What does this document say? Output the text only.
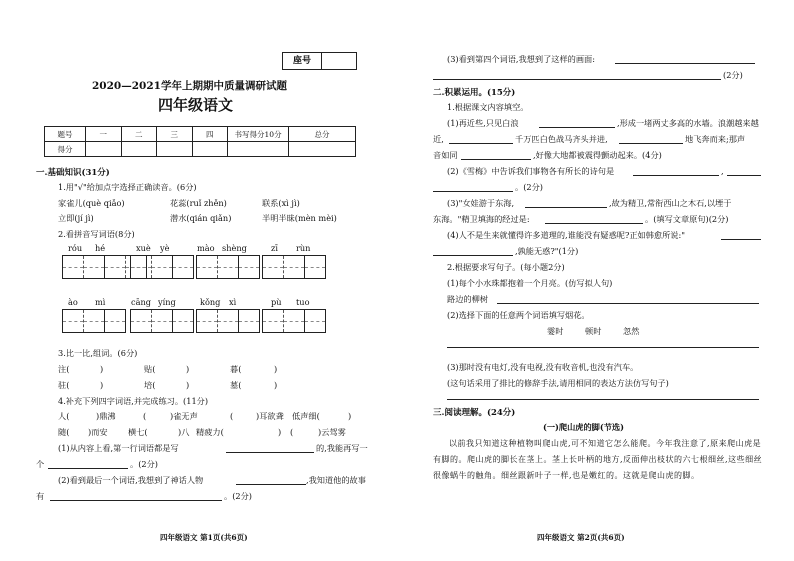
座号
2020—2021学年上期期中质量调研试题
四年级语文
题号	一	二	三	四	书写得分10分	总分
得分						
一.基础知识(31分)
1.用"√"给加点字选择正确读音。(6分)
家雀儿(què qiǎo)	花蕊(ruǐ zhěn)	联系(xì jì)
立即(jí jì)	潜水(qián qiǎn)	半明半昧(mèn mèi)
2.看拼音写词语(8分)
róu hé	xuè yè	mào shèng	zī rùn
ào mì	cāng yíng	kǒng xì	pù tuo
3.比一比,组词。(6分)
注(	)	贴(	)	暮(	)
驻(	)	培(	)	墓(	)
4.补充下列四字词语,并完成练习。(11分)
人(	)鼎沸	(	)雀无声	(	)耳欲聋 低声细(	)
随( )而安 横七(	)八 精疲力(	) (	)云驾雾
(1)从内容上看,第一行词语都是写	的,我能再写一
个	。(2分)
(2)看到最后一个词语,我想到了神话人物	,我知道他的故事
有	。(2分)
四年级语文 第1页(共6页)
(3)看到第四个词语,我想到了这样的画面:
(2分)
二.积累运用。(15分)
1.根据课文内容填空。
(1)再近些,只见白浪	,形成一堵两丈多高的水墙。浪潮越来越
近,	千万匹白色战马齐头并进,	地飞奔而来;那声
音如同	,好像大地都被震得颤动起来。(4分)
(2)《雪梅》中告诉我们事物各有所长的诗句是	,
。(2分)
(3)"女娃游于东海,	,故为精卫,常衔西山之木石,以堙于
东海。"精卫填海的经过是:	。(填写文章原句)(2分)
(4)人不是生来就懂得许多道理的,谁能没有疑惑呢?正如韩愈所说:"
,孰能无惑?"(1分)
2.根据要求写句子。(每小题2分)
(1)每个小水珠都抱着一个月亮。(仿写拟人句)
路边的柳树
(2)选择下面的任意两个词语填写烟花。
霎时	顿时	忽然
(3)那时没有电灯,没有电视,没有收音机,也没有汽车。
(这句话采用了排比的修辞手法,请用相同的表达方法仿写句子)
三.阅读理解。(24分)
(一)爬山虎的脚(节选)
以前我只知道这种植物叫爬山虎,可不知道它怎么能爬。今年我注意了,原来爬山虎是有脚的。爬山虎的脚长在茎上。茎上长叶柄的地方,反面伸出枝状的六七根细丝,这些细丝很像蜗牛的触角。细丝跟新叶子一样,也是嫩红的。这就是爬山虎的脚。
四年级语文 第2页(共6页)
